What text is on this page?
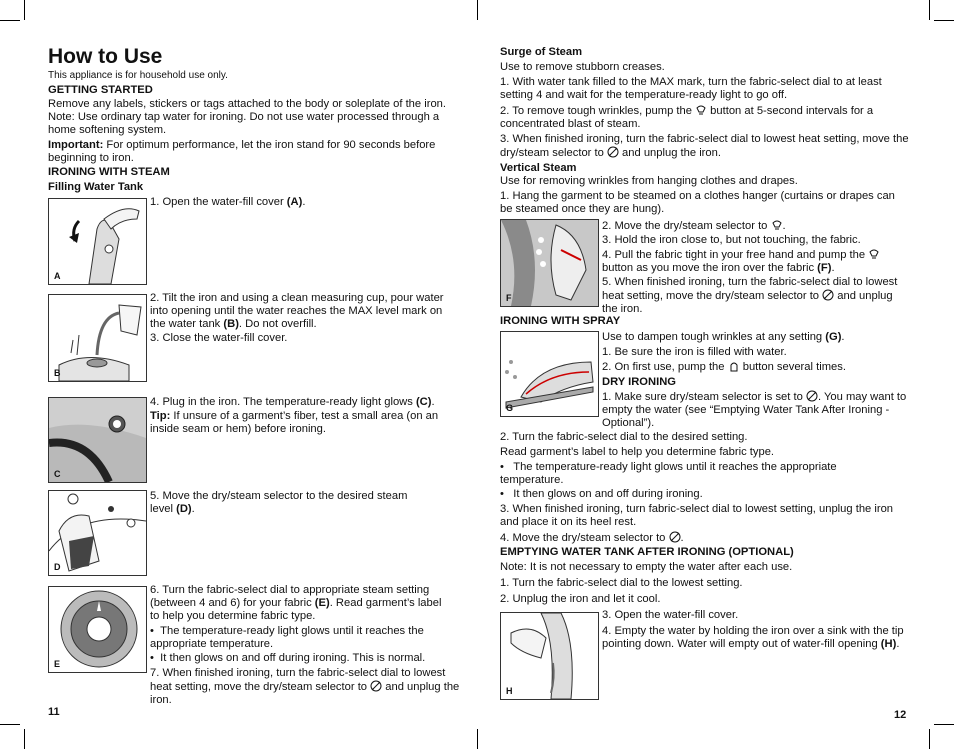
How to Use
This appliance is for household use only.
GETTING STARTED
Remove any labels, stickers or tags attached to the body or soleplate of the iron. Note: Use ordinary tap water for ironing. Do not use water processed through a home softening system.
Important: For optimum performance, let the iron stand for 90 seconds before beginning to iron.
IRONING WITH STEAM
Filling Water Tank
A
1. Open the water-fill cover (A).
B
2. Tilt the iron and using a clean measuring cup, pour water into opening until the water reaches the MAX level mark on the water tank (B). Do not overfill.
3. Close the water-fill cover.
C
4. Plug in the iron. The temperature-ready light glows (C).
Tip: If unsure of a garment’s fiber, test a small area (on an inside seam or hem) before ironing.
D
5. Move the dry/steam selector to the desired steam level (D).
E
6. Turn the fabric-select dial to appropriate steam setting (between 4 and 6) for your fabric (E). Read garment’s label to help you determine fabric type.
•  The temperature-ready light glows until it reaches the appropriate temperature.
•  It then glows on and off during ironing. This is normal.
7. When finished ironing, turn the fabric-select dial to lowest heat setting, move the dry/steam selector to  and unplug the iron.
11
Surge of Steam
Use to remove stubborn creases.
1. With water tank filled to the MAX mark, turn the fabric-select dial to at least setting 4 and wait for the temperature-ready light to go off.
2. To remove tough wrinkles, pump the  button at 5-second intervals for a concentrated blast of steam.
3. When finished ironing, turn the fabric-select dial to lowest heat setting, move the dry/steam selector to  and unplug the iron.
Vertical Steam
Use for removing wrinkles from hanging clothes and drapes.
1. Hang the garment to be steamed on a clothes hanger (curtains or drapes can be steamed once they are hung).
F
2. Move the dry/steam selector to .
3. Hold the iron close to, but not touching, the fabric.
4. Pull the fabric tight in your free hand and pump the  button as you move the iron over the fabric (F).
5. When finished ironing, turn the fabric-select dial to lowest heat setting, move the dry/steam selector to  and unplug the iron.
IRONING WITH SPRAY
G
Use to dampen tough wrinkles at any setting (G).
1. Be sure the iron is filled with water.
2. On first use, pump the  button several times.
DRY IRONING
1. Make sure dry/steam selector is set to . You may want to empty the water (see “Emptying Water Tank After Ironing - Optional”).
2. Turn the fabric-select dial to the desired setting.
Read garment’s label to help you determine fabric type.
•   The temperature-ready light glows until it reaches the appropriate temperature.
•   It then glows on and off during ironing.
3. When finished ironing, turn fabric-select dial to lowest setting, unplug the iron and place it on its heel rest.
4. Move the dry/steam selector to .
EMPTYING WATER TANK AFTER IRONING (OPTIONAL)
Note: It is not necessary to empty the water after each use.
1. Turn the fabric-select dial to the lowest setting.
2. Unplug the iron and let it cool.
H
3. Open the water-fill cover.
4. Empty the water by holding the iron over a sink with the tip pointing down. Water will empty out of water-fill opening (H).
12
